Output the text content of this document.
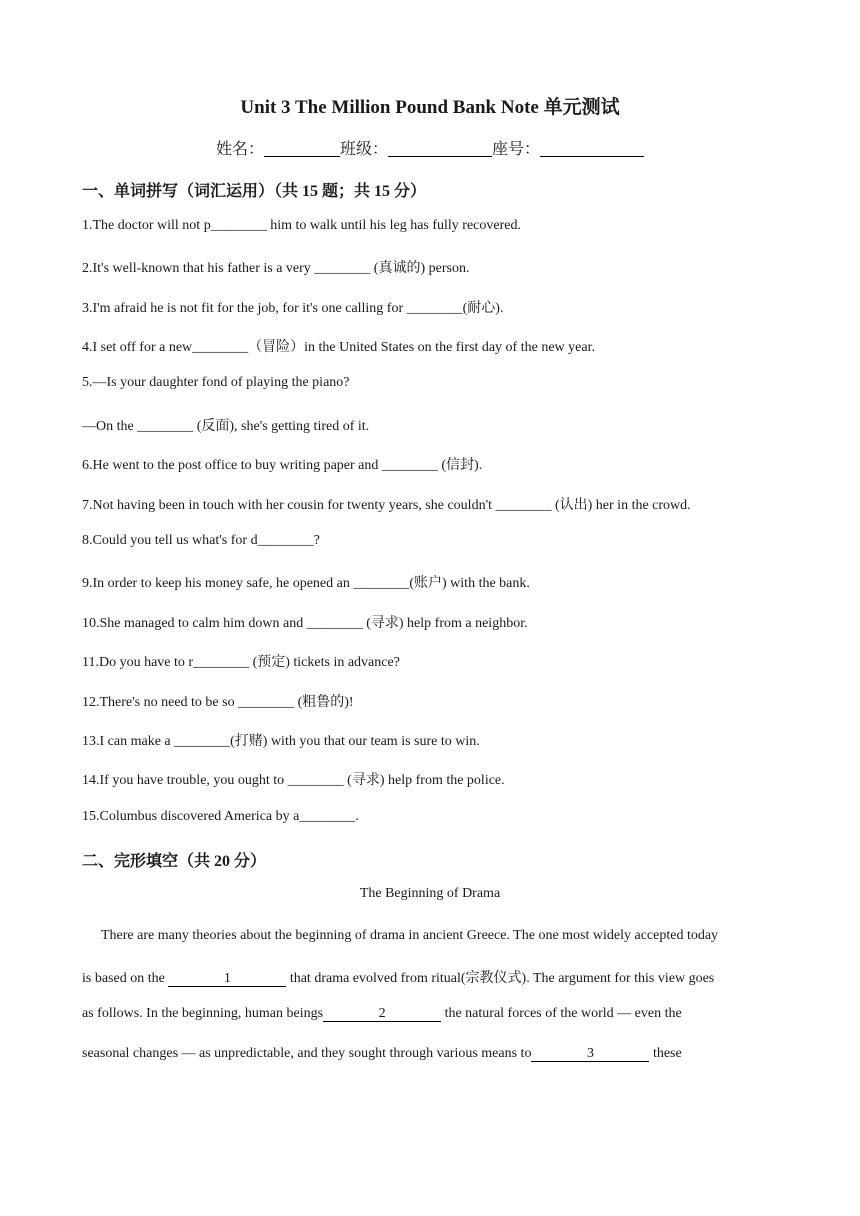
Unit 3 The Million Pound Bank Note 单元测试
姓名：	班级：	座号：
一、单词拼写（词汇运用）（共 15 题；共 15 分）
1.The doctor will not p________ him to walk until his leg has fully recovered.
2.It's well-known that his father is a very ________ (真诚的) person.
3.I'm afraid he is not fit for the job, for it's one calling for ________(耐心).
4.I set off for a new________（冒险）in the United States on the first day of the new year.
5.—Is your daughter fond of playing the piano?
—On the ________ (反面), she's getting tired of it.
6.He went to the post office to buy writing paper and ________ (信封).
7.Not having been in touch with her cousin for twenty years, she couldn't ________ (认出) her in the crowd.
8.Could you tell us what's for d________?
9.In order to keep his money safe, he opened an ________(账户) with the bank.
10.She managed to calm him down and ________ (寻求) help from a neighbor.
11.Do you have to r________ (预定) tickets in advance?
12.There's no need to be so ________ (粗鲁的)!
13.I can make a ________(打赌) with you that our team is sure to win.
14.If you have trouble, you ought to ________ (寻求) help from the police.
15.Columbus discovered America by a________.
二、完形填空（共 20 分）
The Beginning of Drama
There are many theories about the beginning of drama in ancient Greece. The one most widely accepted today
is based on the	1	that drama evolved from ritual(宗教仪式). The argument for this view goes
as follows. In the beginning, human beings	2	the natural forces of the world — even the
seasonal changes — as unpredictable, and they sought through various means to	3	these
